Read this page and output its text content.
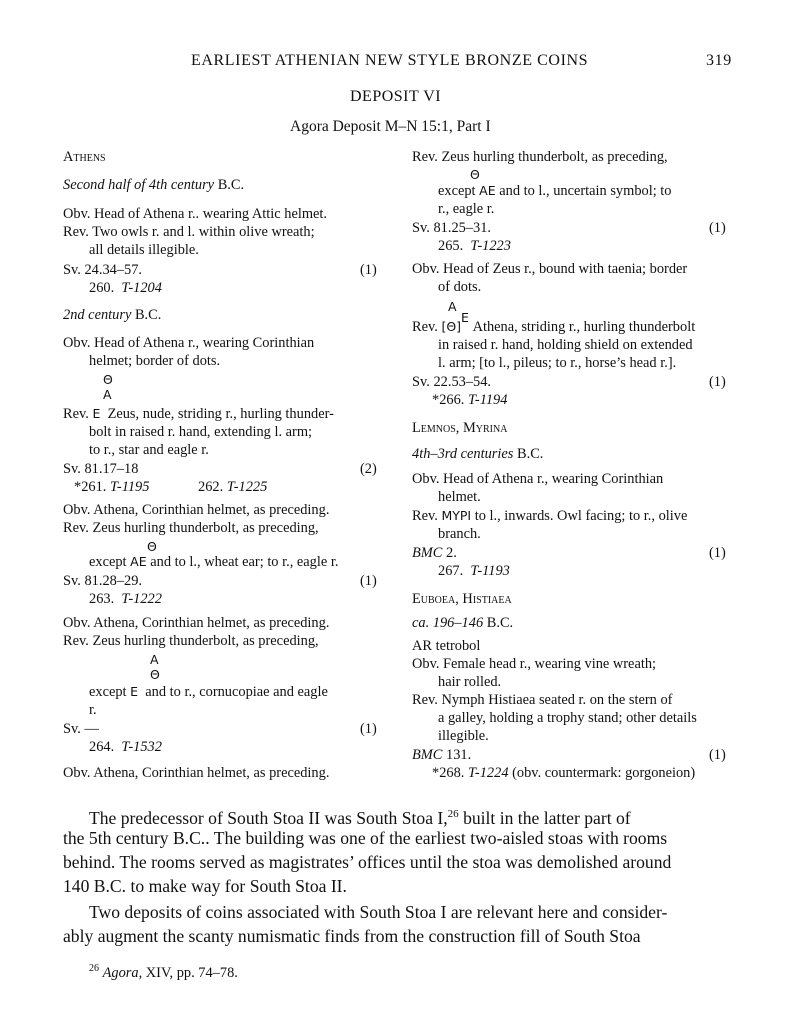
EARLIEST ATHENIAN NEW STYLE BRONZE COINS	319
DEPOSIT VI
Agora Deposit M–N 15:1, Part I
Athens
Second half of 4th century B.C.
Obv. Head of Athena r.. wearing Attic helmet.
Rev. Two owls r. and l. within olive wreath;
all details illegible.
Sv. 24.34–57.	(1)
260. T-1204
2nd century B.C.
Obv. Head of Athena r., wearing Corinthian
helmet; border of dots.
Θ
A
Rev. E Zeus, nude, striding r., hurling thunder-
bolt in raised r. hand, extending l. arm;
to r., star and eagle r.
Sv. 81.17–18	(2)
*261. T-1195	262. T-1225
Obv. Athena, Corinthian helmet, as preceding.
Rev. Zeus hurling thunderbolt, as preceding,
Θ
except AE and to l., wheat ear; to r., eagle r.
Sv. 81.28–29.	(1)
263. T-1222
Obv. Athena, Corinthian helmet, as preceding.
Rev. Zeus hurling thunderbolt, as preceding,
A
Θ
except E and to r., cornucopiae and eagle
r.
Sv. —	(1)
264. T-1532
Obv. Athena, Corinthian helmet, as preceding.
Rev. Zeus hurling thunderbolt, as preceding,
Θ
except AE and to l., uncertain symbol; to
r., eagle r.
Sv. 81.25–31.	(1)
265. T-1223
Obv. Head of Zeus r., bound with taenia; border
of dots.
A
Rev. [Θ]E Athena, striding r., hurling thunderbolt
in raised r. hand, holding shield on extended
l. arm; [to l., pileus; to r., horse’s head r.].
Sv. 22.53–54.	(1)
*266. T-1194
Lemnos, Myrina
4th–3rd centuries B.C.
Obv. Head of Athena r., wearing Corinthian
helmet.
Rev. MYPI to l., inwards. Owl facing; to r., olive
branch.
BMC 2.	(1)
267. T-1193
Euboea, Histiaea
ca. 196–146 B.C.
AR tetrobol
Obv. Female head r., wearing vine wreath;
hair rolled.
Rev. Nymph Histiaea seated r. on the stern of
a galley, holding a trophy stand; other details
illegible.
BMC 131.	(1)
*268. T-1224 (obv. countermark: gorgoneion)
The predecessor of South Stoa II was South Stoa I,$^{26}$ built in the latter part of
the 5th century B.C.. The building was one of the earliest two-aisled stoas with rooms
behind. The rooms served as magistrates’ offices until the stoa was demolished around
140 B.C. to make way for South Stoa II.
Two deposits of coins associated with South Stoa I are relevant here and consider-
ably augment the scanty numismatic finds from the construction fill of South Stoa
$^{26}$ Agora, XIV, pp. 74–78.
